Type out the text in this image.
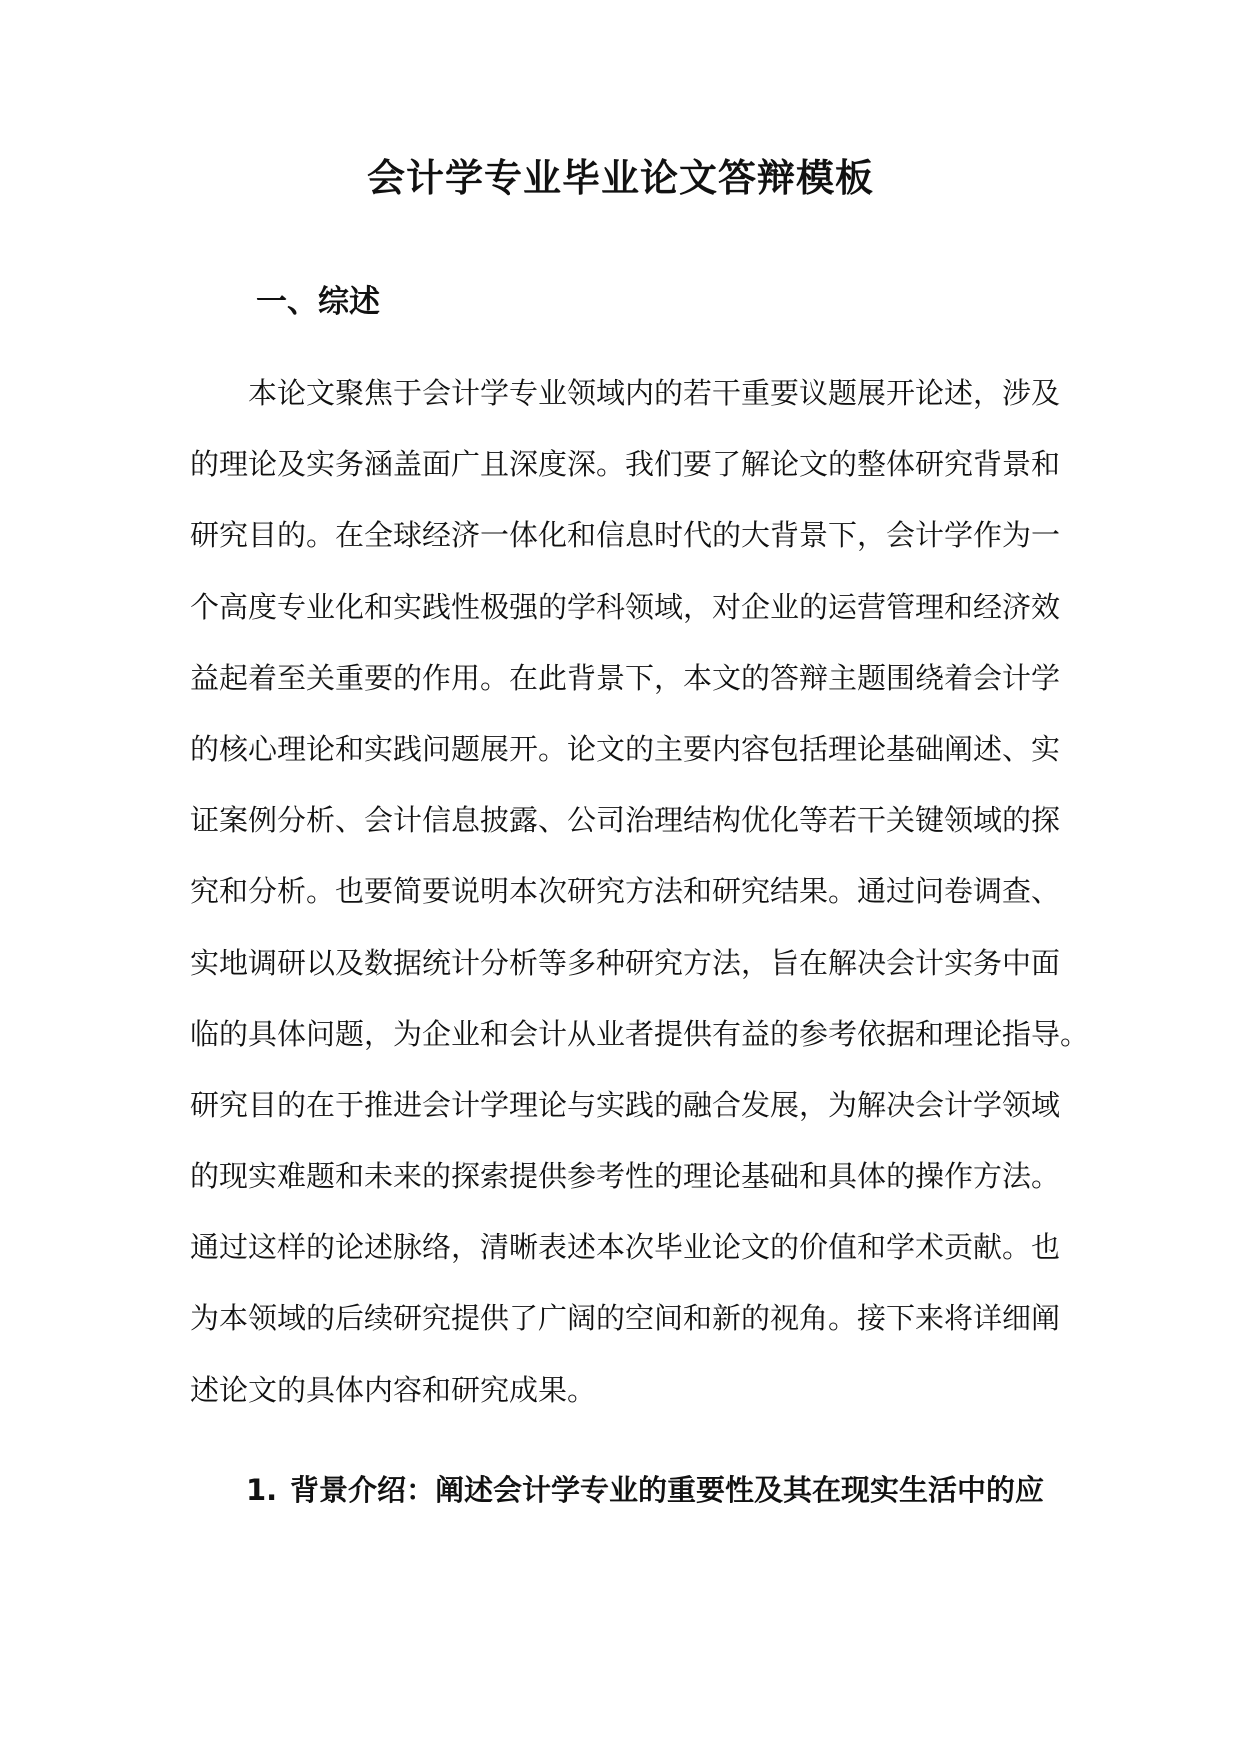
会计学专业毕业论文答辩模板
一、综述
本论文聚焦于会计学专业领域内的若干重要议题展开论述，涉及
的理论及实务涵盖面广且深度深。我们要了解论文的整体研究背景和
研究目的。在全球经济一体化和信息时代的大背景下，会计学作为一
个高度专业化和实践性极强的学科领域，对企业的运营管理和经济效
益起着至关重要的作用。在此背景下，本文的答辩主题围绕着会计学
的核心理论和实践问题展开。论文的主要内容包括理论基础阐述、实
证案例分析、会计信息披露、公司治理结构优化等若干关键领域的探
究和分析。也要简要说明本次研究方法和研究结果。通过问卷调查、
实地调研以及数据统计分析等多种研究方法，旨在解决会计实务中面
临的具体问题，为企业和会计从业者提供有益的参考依据和理论指导。
研究目的在于推进会计学理论与实践的融合发展，为解决会计学领域
的现实难题和未来的探索提供参考性的理论基础和具体的操作方法。
通过这样的论述脉络，清晰表述本次毕业论文的价值和学术贡献。也
为本领域的后续研究提供了广阔的空间和新的视角。接下来将详细阐
述论文的具体内容和研究成果。
1. 背景介绍：阐述会计学专业的重要性及其在现实生活中的应
